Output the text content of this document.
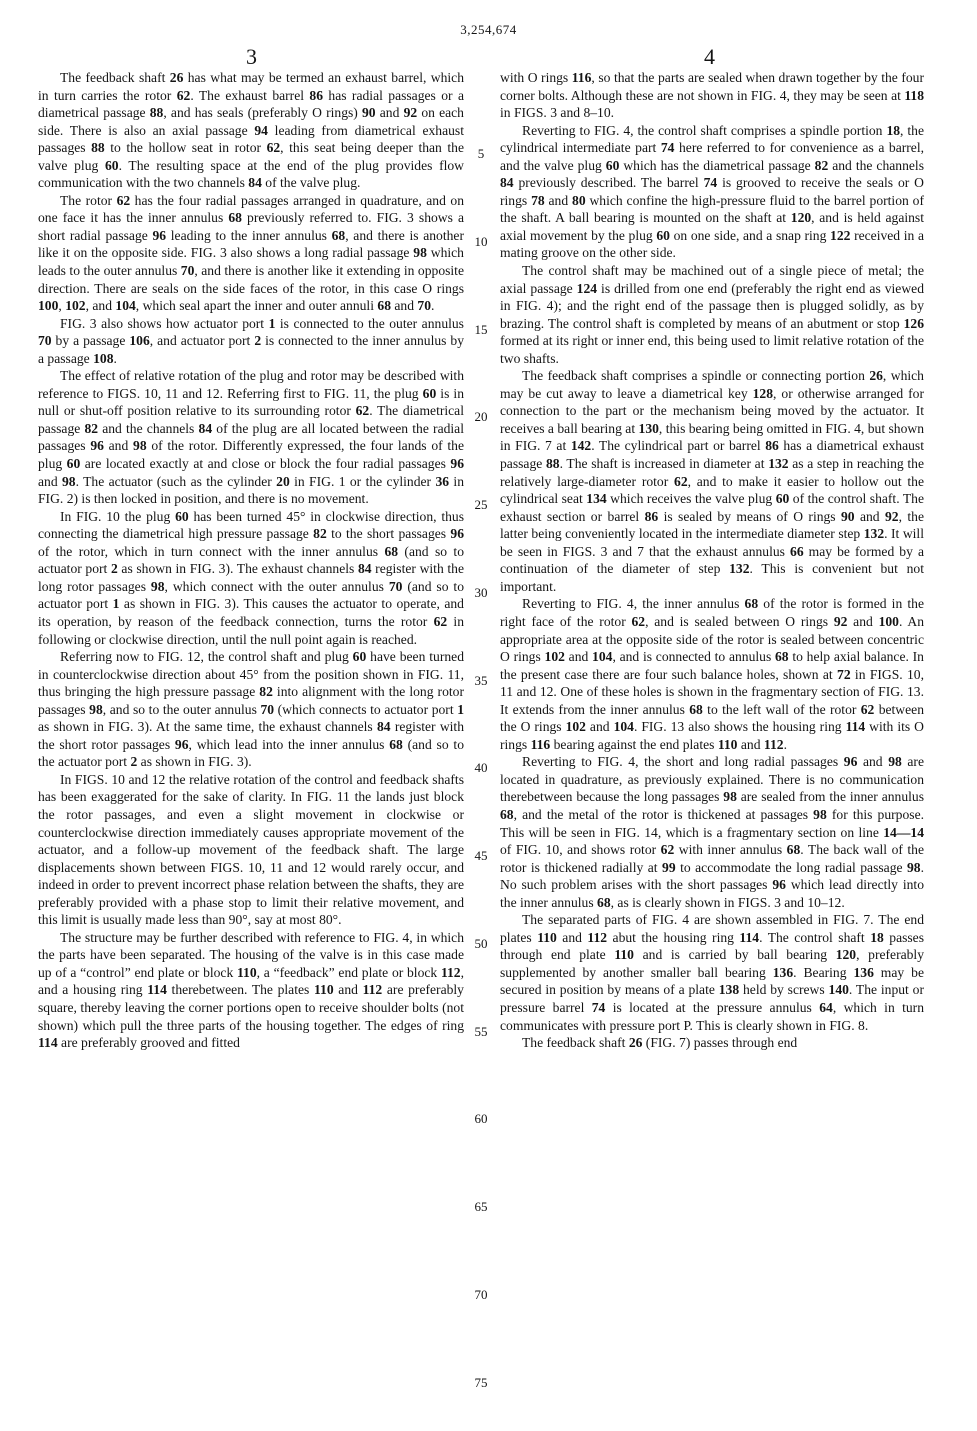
3,254,674
3	4

The feedback shaft 26 has what may be termed an exhaust barrel, which in turn carries the rotor 62. The exhaust barrel 86 has radial passages or a diametrical passage 88, and has seals (preferably O rings) 90 and 92 on each side. There is also an axial passage 94 leading from diametrical exhaust passages 88 to the hollow seat in rotor 62, this seat being deeper than the valve plug 60. The resulting space at the end of the plug provides flow communication with the two channels 84 of the valve plug.

The rotor 62 has the four radial passages arranged in quadrature, and on one face it has the inner annulus 68 previously referred to. FIG. 3 shows a short radial passage 96 leading to the inner annulus 68, and there is another like it on the opposite side. FIG. 3 also shows a long radial passage 98 which leads to the outer annulus 70, and there is another like it extending in opposite direction. There are seals on the side faces of the rotor, in this case O rings 100, 102, and 104, which seal apart the inner and outer annuli 68 and 70.

FIG. 3 also shows how actuator port 1 is connected to the outer annulus 70 by a passage 106, and actuator port 2 is connected to the inner annulus by a passage 108.

The effect of relative rotation of the plug and rotor may be described with reference to FIGS. 10, 11 and 12. Referring first to FIG. 11, the plug 60 is in null or shut-off position relative to its surrounding rotor 62. The diametrical passage 82 and the channels 84 of the plug are all located between the radial passages 96 and 98 of the rotor. Differently expressed, the four lands of the plug 60 are located exactly at and close or block the four radial passages 96 and 98. The actuator (such as the cylinder 20 in FIG. 1 or the cylinder 36 in FIG. 2) is then locked in position, and there is no movement.

In FIG. 10 the plug 60 has been turned 45° in clockwise direction, thus connecting the diametrical high pressure passage 82 to the short passages 96 of the rotor, which in turn connect with the inner annulus 68 (and so to actuator port 2 as shown in FIG. 3). The exhaust channels 84 register with the long rotor passages 98, which connect with the outer annulus 70 (and so to actuator port 1 as shown in FIG. 3). This causes the actuator to operate, and its operation, by reason of the feedback connection, turns the rotor 62 in following or clockwise direction, until the null point again is reached.

Referring now to FIG. 12, the control shaft and plug 60 have been turned in counterclockwise direction about 45° from the position shown in FIG. 11, thus bringing the high pressure passage 82 into alignment with the long rotor passages 98, and so to the outer annulus 70 (which connects to actuator port 1 as shown in FIG. 3). At the same time, the exhaust channels 84 register with the short rotor passages 96, which lead into the inner annulus 68 (and so to the actuator port 2 as shown in FIG. 3).

In FIGS. 10 and 12 the relative rotation of the control and feedback shafts has been exaggerated for the sake of clarity. In FIG. 11 the lands just block the rotor passages, and even a slight movement in clockwise or counterclockwise direction immediately causes appropriate movement of the actuator, and a follow-up movement of the feedback shaft. The large displacements shown between FIGS. 10, 11 and 12 would rarely occur, and indeed in order to prevent incorrect phase relation between the shafts, they are preferably provided with a phase stop to limit their relative movement, and this limit is usually made less than 90°, say at most 80°.

The structure may be further described with reference to FIG. 4, in which the parts have been separated. The housing of the valve is in this case made up of a “control” end plate or block 110, a “feedback” end plate or block 112, and a housing ring 114 therebetween. The plates 110 and 112 are preferably square, thereby leaving the corner portions open to receive shoulder bolts (not shown) which pull the three parts of the housing together. The edges of ring 114 are preferably grooved and fitted

with O rings 116, so that the parts are sealed when drawn together by the four corner bolts. Although these are not shown in FIG. 4, they may be seen at 118 in FIGS. 3 and 8–10.

Reverting to FIG. 4, the control shaft comprises a spindle portion 18, the cylindrical intermediate part 74 here referred to for convenience as a barrel, and the valve plug 60 which has the diametrical passage 82 and the channels 84 previously described. The barrel 74 is grooved to receive the seals or O rings 78 and 80 which confine the high-pressure fluid to the barrel portion of the shaft. A ball bearing is mounted on the shaft at 120, and is held against axial movement by the plug 60 on one side, and a snap ring 122 received in a mating groove on the other side.

The control shaft may be machined out of a single piece of metal; the axial passage 124 is drilled from one end (preferably the right end as viewed in FIG. 4); and the right end of the passage then is plugged solidly, as by brazing. The control shaft is completed by means of an abutment or stop 126 formed at its right or inner end, this being used to limit relative rotation of the two shafts.

The feedback shaft comprises a spindle or connecting portion 26, which may be cut away to leave a diametrical key 128, or otherwise arranged for connection to the part or the mechanism being moved by the actuator. It receives a ball bearing at 130, this bearing being omitted in FIG. 4, but shown in FIG. 7 at 142. The cylindrical part or barrel 86 has a diametrical exhaust passage 88. The shaft is increased in diameter at 132 as a step in reaching the relatively large-diameter rotor 62, and to make it easier to hollow out the cylindrical seat 134 which receives the valve plug 60 of the control shaft. The exhaust section or barrel 86 is sealed by means of O rings 90 and 92, the latter being conveniently located in the intermediate diameter step 132. It will be seen in FIGS. 3 and 7 that the exhaust annulus 66 may be formed by a continuation of the diameter of step 132. This is convenient but not important.

Reverting to FIG. 4, the inner annulus 68 of the rotor is formed in the right face of the rotor 62, and is sealed between O rings 92 and 100. An appropriate area at the opposite side of the rotor is sealed between concentric O rings 102 and 104, and is connected to annulus 68 to help axial balance. In the present case there are four such balance holes, shown at 72 in FIGS. 10, 11 and 12. One of these holes is shown in the fragmentary section of FIG. 13. It extends from the inner annulus 68 to the left wall of the rotor 62 between the O rings 102 and 104. FIG. 13 also shows the housing ring 114 with its O rings 116 bearing against the end plates 110 and 112.

Reverting to FIG. 4, the short and long radial passages 96 and 98 are located in quadrature, as previously explained. There is no communication therebetween because the long passages 98 are sealed from the inner annulus 68, and the metal of the rotor is thickened at passages 98 for this purpose. This will be seen in FIG. 14, which is a fragmentary section on line 14—14 of FIG. 10, and shows rotor 62 with inner annulus 68. The back wall of the rotor is thickened radially at 99 to accommodate the long radial passage 98. No such problem arises with the short passages 96 which lead directly into the inner annulus 68, as is clearly shown in FIGS. 3 and 10–12.

The separated parts of FIG. 4 are shown assembled in FIG. 7. The end plates 110 and 112 abut the housing ring 114. The control shaft 18 passes through end plate 110 and is carried by ball bearing 120, preferably supplemented by another smaller ball bearing 136. Bearing 136 may be secured in position by means of a plate 138 held by screws 140. The input or pressure barrel 74 is located at the pressure annulus 64, which in turn communicates with pressure port P. This is clearly shown in FIG. 8.

The feedback shaft 26 (FIG. 7) passes through end

5
10
15
20
25
30
35
40
45
50
55
60
65
70
75
